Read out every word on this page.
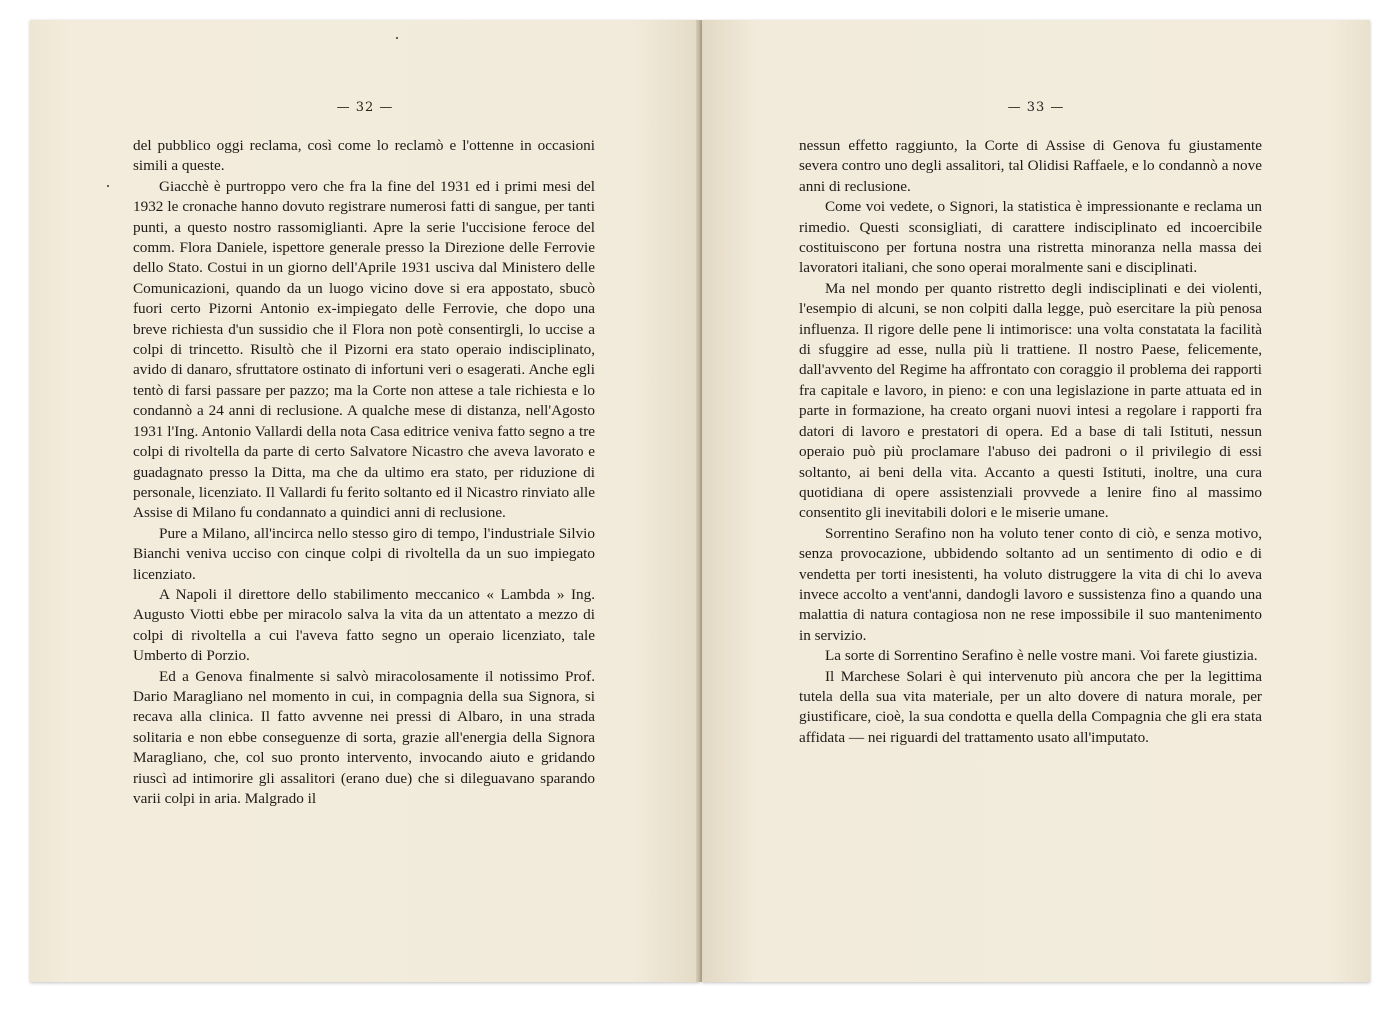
— 32 —

del pubblico oggi reclama, così come lo reclamò e l'ottenne in occasioni simili a queste.

Giacchè è purtroppo vero che fra la fine del 1931 ed i primi mesi del 1932 le cronache hanno dovuto registrare numerosi fatti di sangue, per tanti punti, a questo nostro rassomiglianti. Apre la serie l'uccisione feroce del comm. Flora Daniele, ispettore generale presso la Direzione delle Ferrovie dello Stato. Costui in un giorno dell'Aprile 1931 usciva dal Ministero delle Comunicazioni, quando da un luogo vicino dove si era appostato, sbucò fuori certo Pizorni Antonio ex-impiegato delle Ferrovie, che dopo una breve richiesta d'un sussidio che il Flora non potè consentirgli, lo uccise a colpi di trincetto. Risultò che il Pizorni era stato operaio indisciplinato, avido di danaro, sfruttatore ostinato di infortuni veri o esagerati. Anche egli tentò di farsi passare per pazzo; ma la Corte non attese a tale richiesta e lo condannò a 24 anni di reclusione. A qualche mese di distanza, nell'Agosto 1931 l'Ing. Antonio Vallardi della nota Casa editrice veniva fatto segno a tre colpi di rivoltella da parte di certo Salvatore Nicastro che aveva lavorato e guadagnato presso la Ditta, ma che da ultimo era stato, per riduzione di personale, licenziato. Il Vallardi fu ferito soltanto ed il Nicastro rinviato alle Assise di Milano fu condannato a quindici anni di reclusione.

Pure a Milano, all'incirca nello stesso giro di tempo, l'industriale Silvio Bianchi veniva ucciso con cinque colpi di rivoltella da un suo impiegato licenziato.

A Napoli il direttore dello stabilimento meccanico « Lambda » Ing. Augusto Viotti ebbe per miracolo salva la vita da un attentato a mezzo di colpi di rivoltella a cui l'aveva fatto segno un operaio licenziato, tale Umberto di Porzio.

Ed a Genova finalmente si salvò miracolosamente il notissimo Prof. Dario Maragliano nel momento in cui, in compagnia della sua Signora, si recava alla clinica. Il fatto avvenne nei pressi di Albaro, in una strada solitaria e non ebbe conseguenze di sorta, grazie all'energia della Signora Maragliano, che, col suo pronto intervento, invocando aiuto e gridando riuscì ad intimorire gli assalitori (erano due) che si dileguavano sparando varii colpi in aria. Malgrado il

— 33 —

nessun effetto raggiunto, la Corte di Assise di Genova fu giustamente severa contro uno degli assalitori, tal Olidisi Raffaele, e lo condannò a nove anni di reclusione.

Come voi vedete, o Signori, la statistica è impressionante e reclama un rimedio. Questi sconsigliati, di carattere indisciplinato ed incoercibile costituiscono per fortuna nostra una ristretta minoranza nella massa dei lavoratori italiani, che sono operai moralmente sani e disciplinati.

Ma nel mondo per quanto ristretto degli indisciplinati e dei violenti, l'esempio di alcuni, se non colpiti dalla legge, può esercitare la più penosa influenza. Il rigore delle pene li intimorisce: una volta constatata la facilità di sfuggire ad esse, nulla più li trattiene. Il nostro Paese, felicemente, dall'avvento del Regime ha affrontato con coraggio il problema dei rapporti fra capitale e lavoro, in pieno: e con una legislazione in parte attuata ed in parte in formazione, ha creato organi nuovi intesi a regolare i rapporti fra datori di lavoro e prestatori di opera. Ed a base di tali Istituti, nessun operaio può più proclamare l'abuso dei padroni o il privilegio di essi soltanto, ai beni della vita. Accanto a questi Istituti, inoltre, una cura quotidiana di opere assistenziali provvede a lenire fino al massimo consentito gli inevitabili dolori e le miserie umane.

Sorrentino Serafino non ha voluto tener conto di ciò, e senza motivo, senza provocazione, ubbidendo soltanto ad un sentimento di odio e di vendetta per torti inesistenti, ha voluto distruggere la vita di chi lo aveva invece accolto a vent'anni, dandogli lavoro e sussistenza fino a quando una malattia di natura contagiosa non ne rese impossibile il suo mantenimento in servizio.

La sorte di Sorrentino Serafino è nelle vostre mani. Voi farete giustizia.

Il Marchese Solari è qui intervenuto più ancora che per la legittima tutela della sua vita materiale, per un alto dovere di natura morale, per giustificare, cioè, la sua condotta e quella della Compagnia che gli era stata affidata — nei riguardi del trattamento usato all'imputato.
